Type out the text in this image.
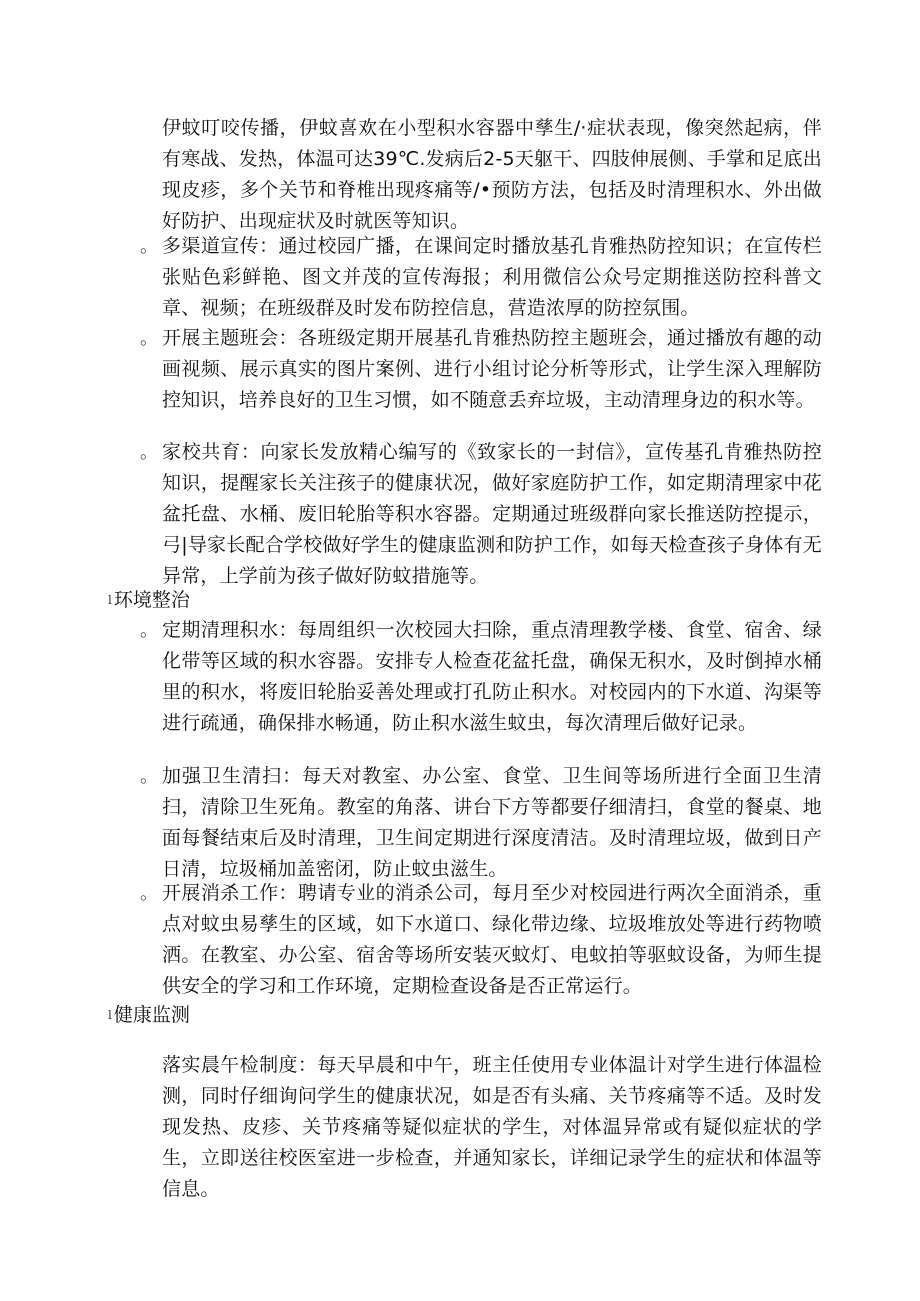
伊蚊叮咬传播，伊蚊喜欢在小型积水容器中孳生/·症状表现，像突然起病，伴有寒战、发热，体温可达39℃.发病后2-5天躯干、四肢伸展侧、手掌和足底出现皮疹，多个关节和脊椎出现疼痛等/•预防方法，包括及时清理积水、外出做好防护、出现症状及时就医等知识。

。 多渠道宣传：通过校园广播，在课间定时播放基孔肯雅热防控知识；在宣传栏张贴色彩鲜艳、图文并茂的宣传海报；利用微信公众号定期推送防控科普文章、视频；在班级群及时发布防控信息，营造浓厚的防控氛围。

。 开展主题班会：各班级定期开展基孔肯雅热防控主题班会，通过播放有趣的动画视频、展示真实的图片案例、进行小组讨论分析等形式，让学生深入理解防控知识，培养良好的卫生习惯，如不随意丢弃垃圾，主动清理身边的积水等。

。 家校共育：向家长发放精心编写的《致家长的一封信》，宣传基孔肯雅热防控知识，提醒家长关注孩子的健康状况，做好家庭防护工作，如定期清理家中花盆托盘、水桶、废旧轮胎等积水容器。定期通过班级群向家长推送防控提示，弓|导家长配合学校做好学生的健康监测和防护工作，如每天检查孩子身体有无异常，上学前为孩子做好防蚊措施等。

l 环境整治
。 定期清理积水：每周组织一次校园大扫除，重点清理教学楼、食堂、宿舍、绿化带等区域的积水容器。安排专人检查花盆托盘，确保无积水，及时倒掉水桶里的积水，将废旧轮胎妥善处理或打孔防止积水。对校园内的下水道、沟渠等进行疏通，确保排水畅通，防止积水滋生蚊虫，每次清理后做好记录。

。 加强卫生清扫：每天对教室、办公室、食堂、卫生间等场所进行全面卫生清扫，清除卫生死角。教室的角落、讲台下方等都要仔细清扫，食堂的餐桌、地面每餐结束后及时清理，卫生间定期进行深度清洁。及时清理垃圾，做到日产日清，垃圾桶加盖密闭，防止蚊虫滋生。

。 开展消杀工作：聘请专业的消杀公司，每月至少对校园进行两次全面消杀，重点对蚊虫易孳生的区域，如下水道口、绿化带边缘、垃圾堆放处等进行药物喷洒。在教室、办公室、宿舍等场所安装灭蚊灯、电蚊拍等驱蚊设备，为师生提供安全的学习和工作环境，定期检查设备是否正常运行。

l 健康监测

落实晨午检制度：每天早晨和中午，班主任使用专业体温计对学生进行体温检测，同时仔细询问学生的健康状况，如是否有头痛、关节疼痛等不适。及时发现发热、皮疹、关节疼痛等疑似症状的学生，对体温异常或有疑似症状的学生，立即送往校医室进一步检查，并通知家长，详细记录学生的症状和体温等信息。
